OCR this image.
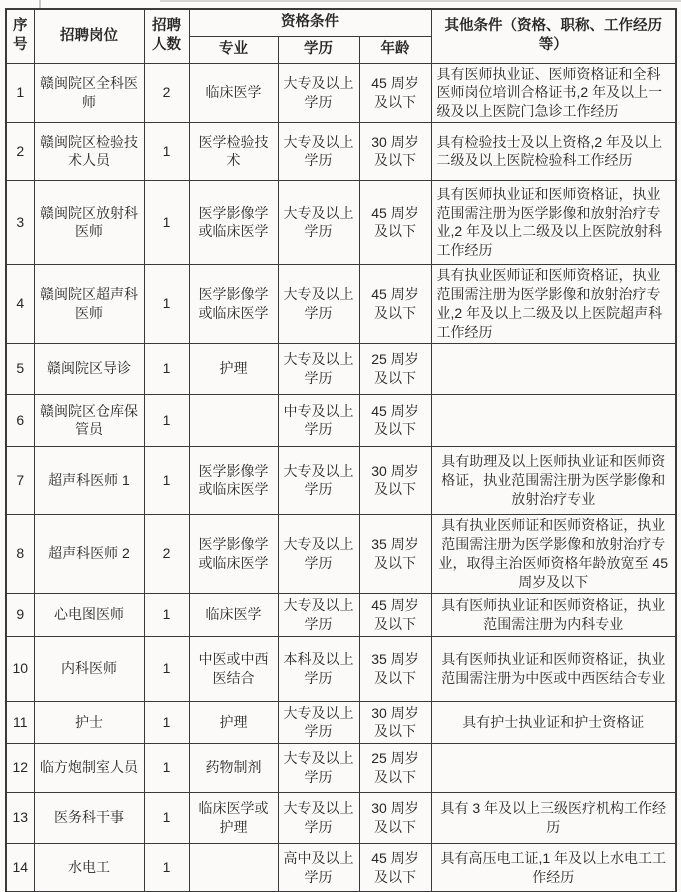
序号	招聘岗位	招聘人数	资格条件			其他条件（资格、职称、工作经历等）
			专业	学历	年龄	
1	赣闽院区全科医师	2	临床医学	大专及以上学历	45 周岁及以下	具有医师执业证、医师资格证和全科医师岗位培训合格证书,2 年及以上一级及以上医院门急诊工作经历
2	赣闽院区检验技术人员	1	医学检验技术	大专及以上学历	30 周岁及以下	具有检验技士及以上资格,2 年及以上二级及以上医院检验科工作经历
3	赣闽院区放射科医师	1	医学影像学或临床医学	大专及以上学历	45 周岁及以下	具有医师执业证和医师资格证，执业范围需注册为医学影像和放射治疗专业,2 年及以上二级及以上医院放射科工作经历
4	赣闽院区超声科医师	1	医学影像学或临床医学	大专及以上学历	45 周岁及以下	具有执业医师证和医师资格证，执业范围需注册为医学影像和放射治疗专业,2 年及以上二级及以上医院超声科工作经历
5	赣闽院区导诊	1	护理	大专及以上学历	25 周岁及以下	
6	赣闽院区仓库保管员	1		中专及以上学历	45 周岁及以下	
7	超声科医师 1	1	医学影像学或临床医学	大专及以上学历	30 周岁及以下	具有助理及以上医师执业证和医师资格证，执业范围需注册为医学影像和放射治疗专业
8	超声科医师 2	2	医学影像学或临床医学	大专及以上学历	35 周岁及以下	具有执业医师证和医师资格证，执业范围需注册为医学影像和放射治疗专业，取得主治医师资格年龄放宽至 45 周岁及以下
9	心电图医师	1	临床医学	大专及以上学历	45 周岁及以下	具有医师执业证和医师资格证，执业范围需注册为内科专业
10	内科医师	1	中医或中西医结合	本科及以上学历	35 周岁及以下	具有医师执业证和医师资格证，执业范围需注册为中医或中西医结合专业
11	护士	1	护理	大专及以上学历	30 周岁及以下	具有护士执业证和护士资格证
12	临方炮制室人员	1	药物制剂	大专及以上学历	25 周岁及以下	
13	医务科干事	1	临床医学或护理	大专及以上学历	30 周岁及以下	具有 3 年及以上三级医疗机构工作经历
14	水电工	1		高中及以上学历	45 周岁及以下	具有高压电工证,1 年及以上水电工工作经历
